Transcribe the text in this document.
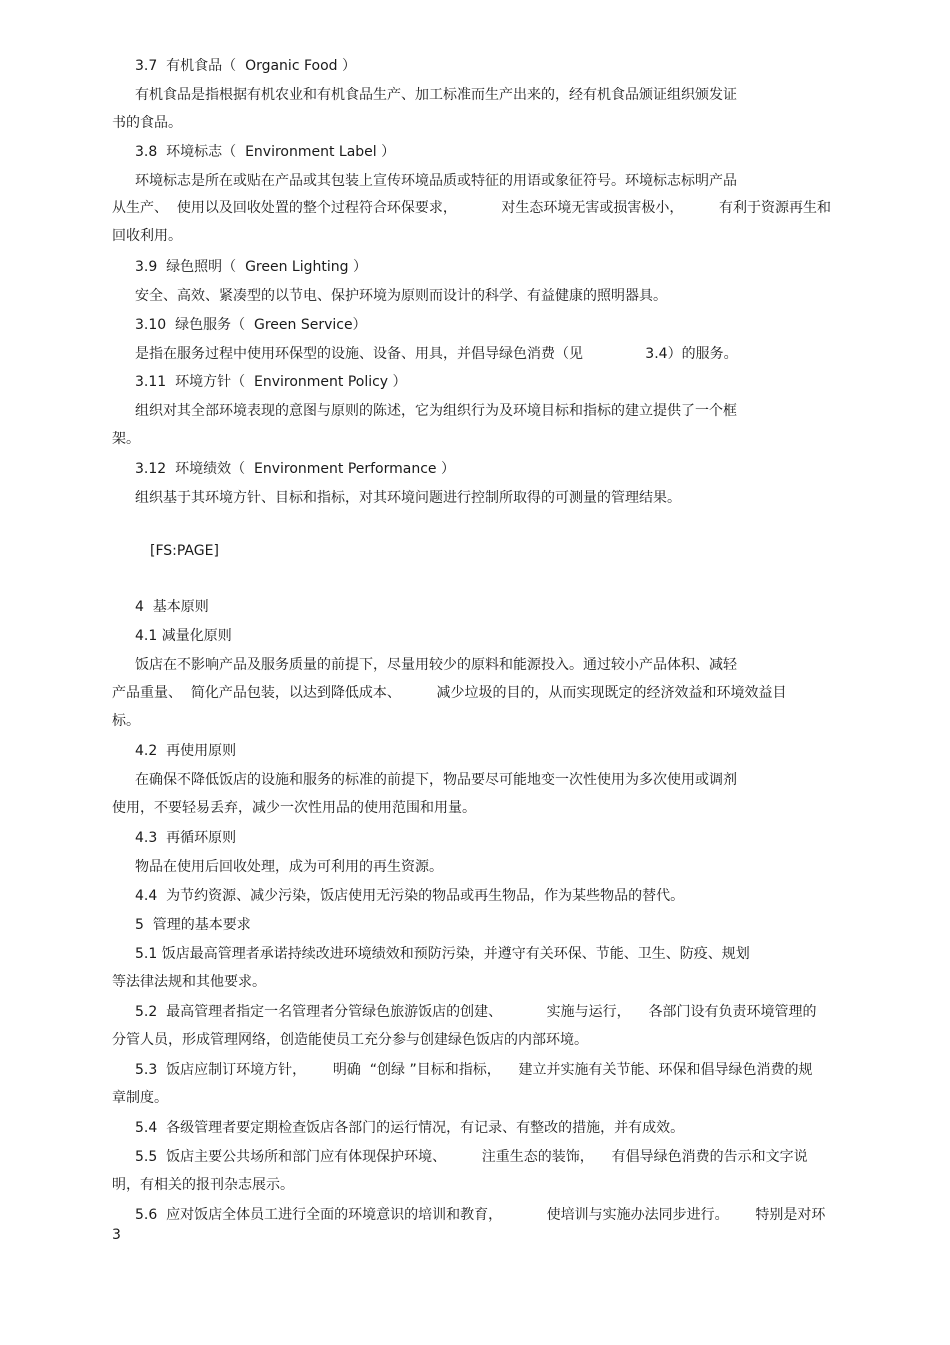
3.7  有机食品（  Organic Food ）
有机食品是指根据有机农业和有机食品生产、加工标准而生产出来的，经有机食品颁证组织颁发证
书的食品。
3.8  环境标志（  Environment Label ）
环境标志是所在或贴在产品或其包装上宣传环境品质或特征的用语或象征符号。环境标志标明产品
从生产、  使用以及回收处置的整个过程符合环保要求，          对生态环境无害或损害极小，        有利于资源再生和
回收利用。
3.9  绿色照明（  Green Lighting ）
安全、高效、紧凑型的以节电、保护环境为原则而设计的科学、有益健康的照明器具。
3.10  绿色服务（  Green Service）
是指在服务过程中使用环保型的设施、设备、用具，并倡导绿色消费（见              3.4）的服务。
3.11  环境方针（  Environment Policy ）
组织对其全部环境表现的意图与原则的陈述，它为组织行为及环境目标和指标的建立提供了一个框
架。
3.12  环境绩效（  Environment Performance ）
组织基于其环境方针、目标和指标，对其环境问题进行控制所取得的可测量的管理结果。
[FS:PAGE]
4  基本原则
4.1 减量化原则
饭店在不影响产品及服务质量的前提下，尽量用较少的原料和能源投入。通过较小产品体积、减轻
产品重量、  简化产品包装，以达到降低成本、        减少垃圾的目的，从而实现既定的经济效益和环境效益目
标。
4.2  再使用原则
在确保不降低饭店的设施和服务的标准的前提下，物品要尽可能地变一次性使用为多次使用或调剂
使用，不要轻易丢弃，减少一次性用品的使用范围和用量。
4.3  再循环原则
物品在使用后回收处理，成为可利用的再生资源。
4.4  为节约资源、减少污染，饭店使用无污染的物品或再生物品，作为某些物品的替代。
5  管理的基本要求
5.1 饭店最高管理者承诺持续改进环境绩效和预防污染，并遵守有关环保、节能、卫生、防疫、规划
等法律法规和其他要求。
5.2  最高管理者指定一名管理者分管绿色旅游饭店的创建、          实施与运行，    各部门设有负责环境管理的
分管人员，形成管理网络，创造能使员工充分参与创建绿色饭店的内部环境。
5.3  饭店应制订环境方针，      明确  “创绿 ”目标和指标，    建立并实施有关节能、环保和倡导绿色消费的规
章制度。
5.4  各级管理者要定期检查饭店各部门的运行情况，有记录、有整改的措施，并有成效。
5.5  饭店主要公共场所和部门应有体现保护环境、        注重生态的装饰，    有倡导绿色消费的告示和文字说
明，有相关的报刊杂志展示。
5.6  应对饭店全体员工进行全面的环境意识的培训和教育，          使培训与实施办法同步进行。      特别是对环
3
